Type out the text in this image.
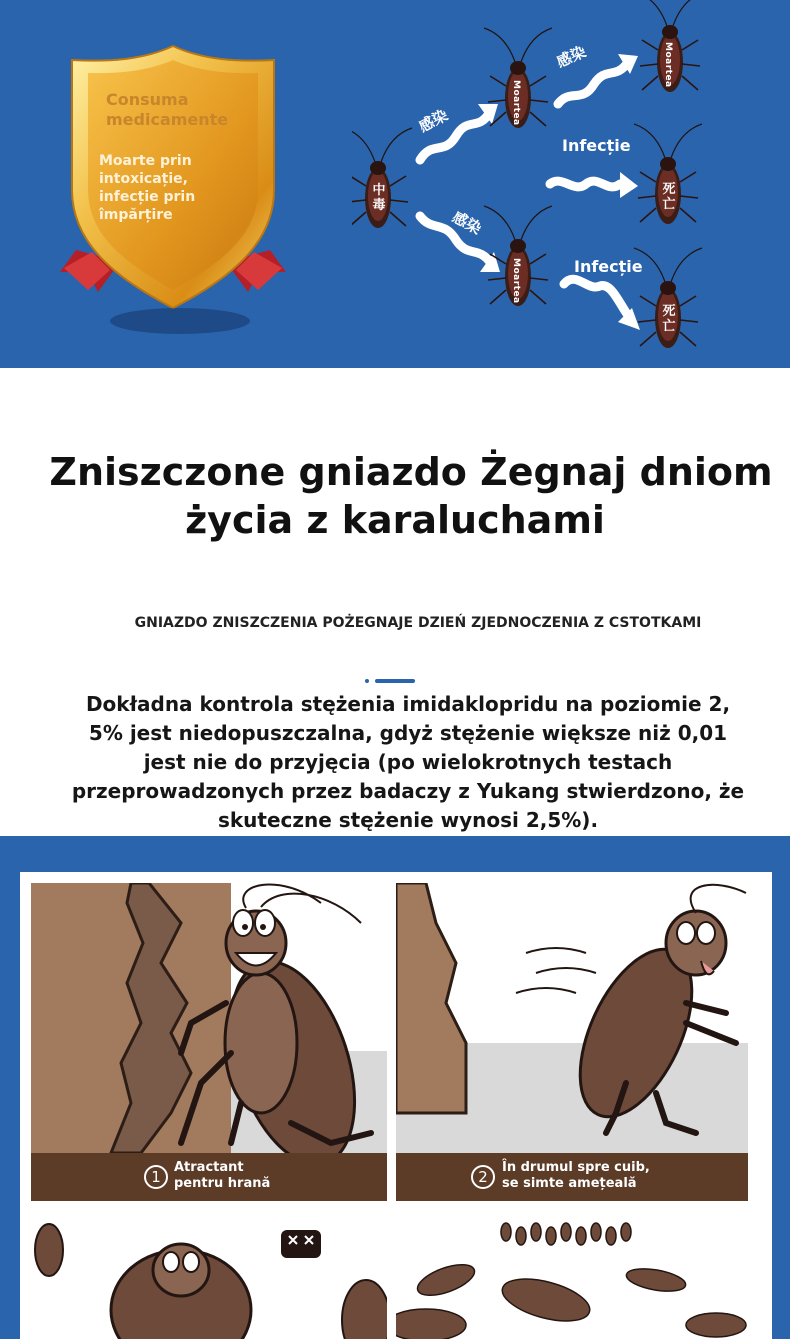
Consuma medicamente
Moarte prin intoxicație, infecție prin împărțire
中毒
Moartea
Moartea
Moartea
死亡
死亡
感染
感染
感染
Infecție
Infecție
Zniszczone gniazdo Żegnaj dniom
życia z karaluchami
GNIAZDO ZNISZCZENIA POŻEGNAJE DZIEŃ ZJEDNOCZENIA Z CSTOTKAMI

Dokładna kontrola stężenia imidaklopridu na poziomie 2, 5% jest niedopuszczalna, gdyż stężenie większe niż 0,01 jest nie do przyjęcia (po wielokrotnych testach przeprowadzonych przez badaczy z Yukang stwierdzono, że skuteczne stężenie wynosi 2,5%).

1
Atractant
pentru hrană	2
În drumul spre cuib,
se simte amețeală
